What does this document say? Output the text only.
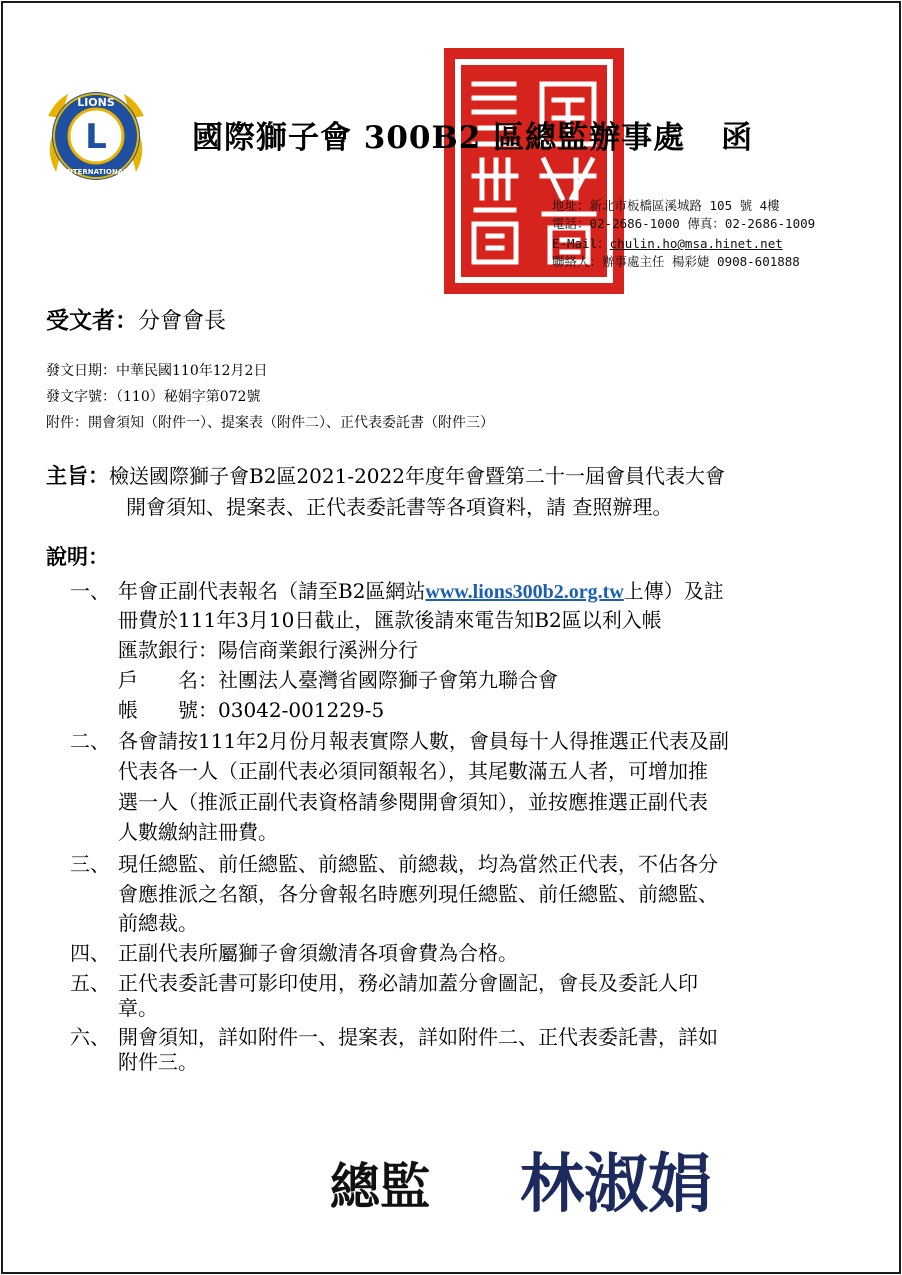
L
LIONS
INTERNATIONAL
國際獅子會 300B2 區總監辦事處 函
地址：新北市板橋區溪城路 105 號 4樓
電話：02-2686-1000 傳真：02-2686-1009
E-Mail：chulin.ho@msa.hinet.net
聯絡人：辦事處主任 楊彩婕 0908-601888
受文者：分會會長
發文日期：中華民國110年12月2日
發文字號：（110）秘娟字第072號
附件：開會須知（附件一）、提案表（附件二）、正代表委託書（附件三）
主旨：檢送國際獅子會B2區2021-2022年度年會暨第二十一屆會員代表大會
開會須知、提案表、正代表委託書等各項資料，請 查照辦理。
說明：
一、 年會正副代表報名（請至B2區網站www.lions300b2.org.tw上傳）及註
冊費於111年3月10日截止，匯款後請來電告知B2區以利入帳
匯款銀行：陽信商業銀行溪洲分行
戶　　名：社團法人臺灣省國際獅子會第九聯合會
帳　　號：03042-001229-5
二、 各會請按111年2月份月報表實際人數，會員每十人得推選正代表及副
代表各一人（正副代表必須同額報名），其尾數滿五人者，可增加推
選一人（推派正副代表資格請參閱開會須知），並按應推選正副代表
人數繳納註冊費。
三、 現任總監、前任總監、前總監、前總裁，均為當然正代表，不佔各分
會應推派之名額，各分會報名時應列現任總監、前任總監、前總監、
前總裁。
四、 正副代表所屬獅子會須繳清各項會費為合格。
五、 正代表委託書可影印使用，務必請加蓋分會圖記，會長及委託人印
章。
六、 開會須知，詳如附件一、提案表，詳如附件二、正代表委託書，詳如
附件三。
總監 林淑娟
